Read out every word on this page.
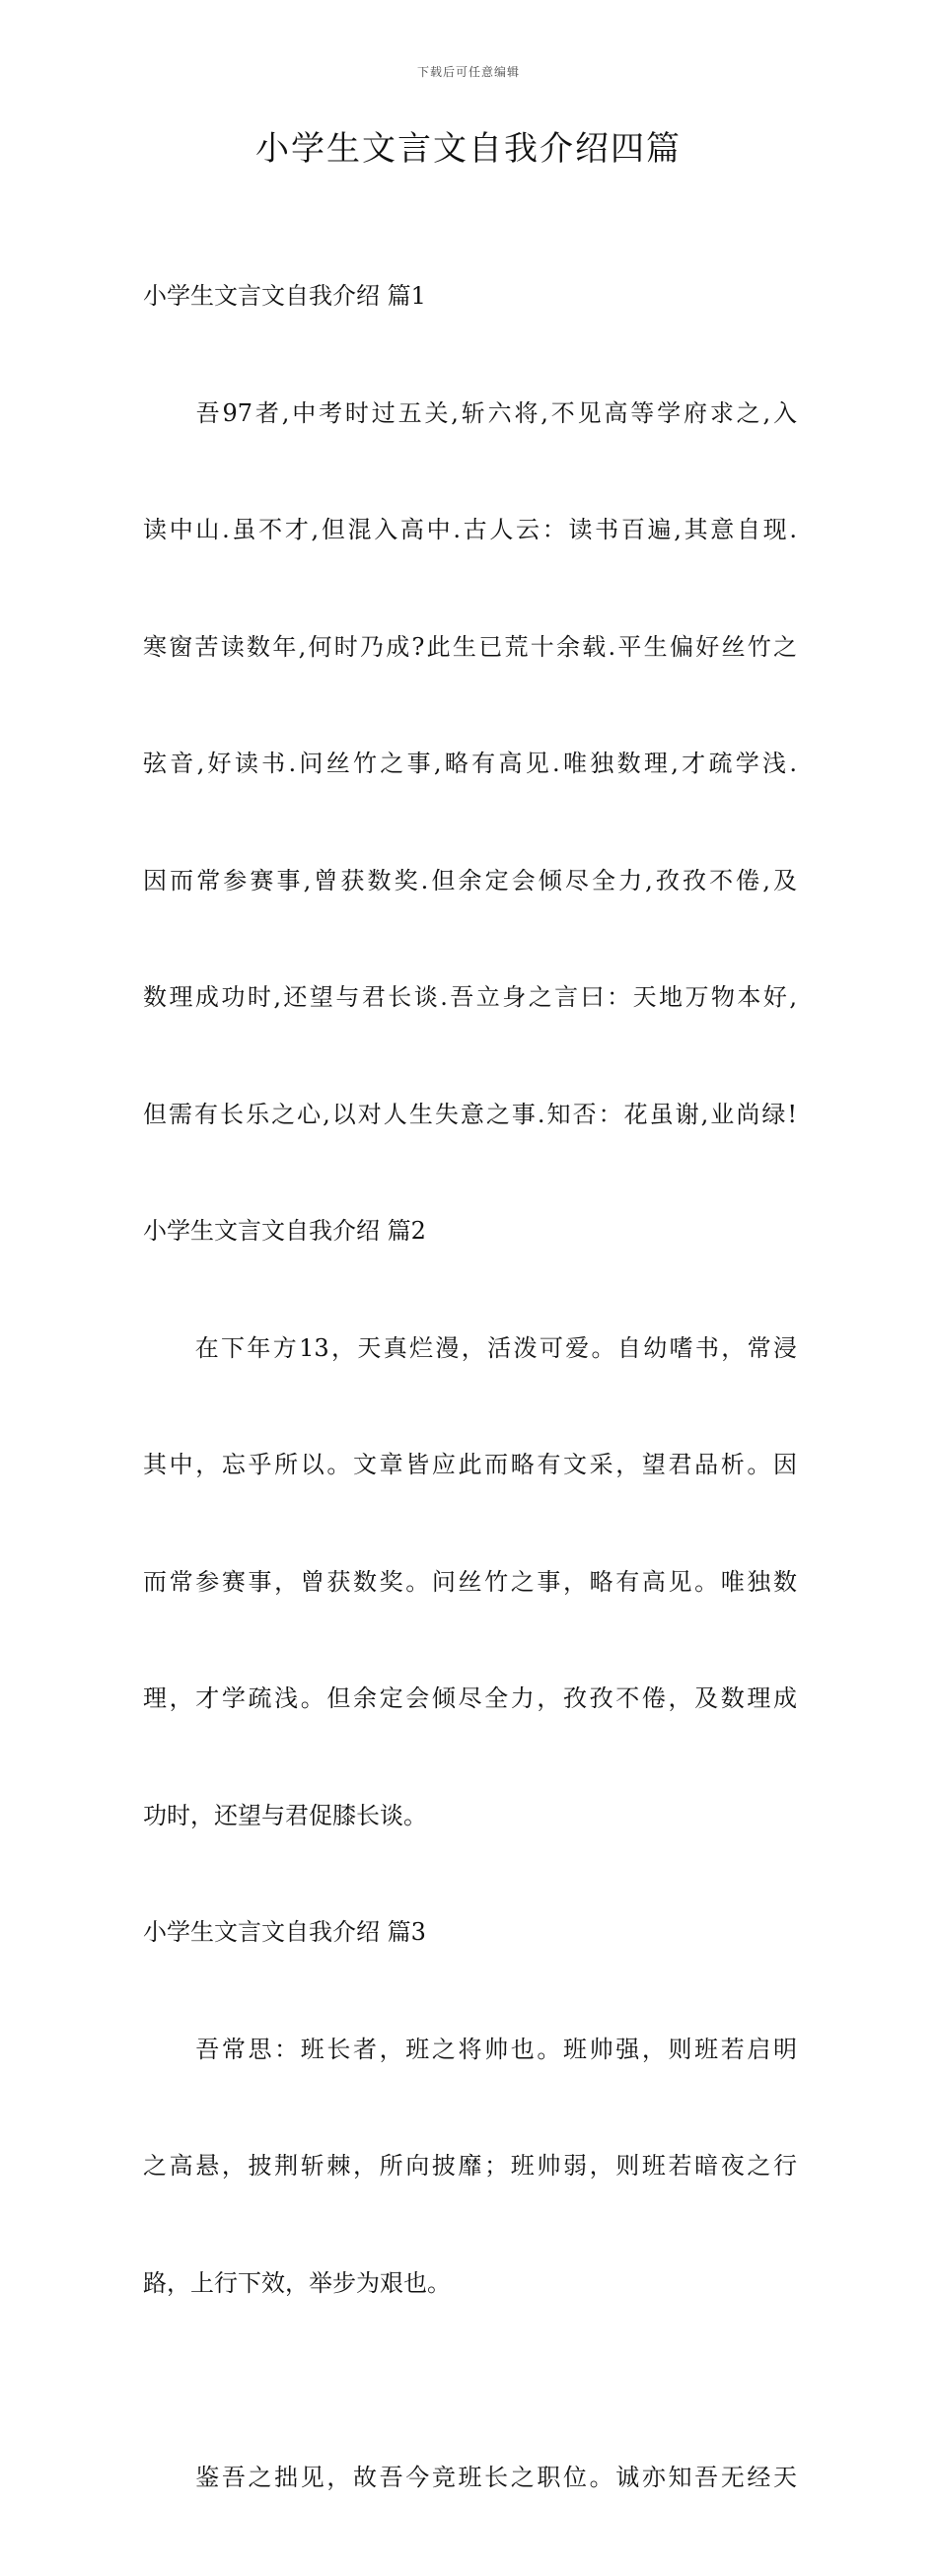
下载后可任意编辑
小学生文言文自我介绍四篇
小学生文言文自我介绍 篇1

　　吾97者,中考时过五关,斩六将,不见高等学府求之,入

读中山.虽不才,但混入高中.古人云：读书百遍,其意自现.

寒窗苦读数年,何时乃成?此生已荒十余载.平生偏好丝竹之

弦音,好读书.问丝竹之事,略有高见.唯独数理,才疏学浅.

因而常参赛事,曾获数奖.但余定会倾尽全力,孜孜不倦,及

数理成功时,还望与君长谈.吾立身之言曰：天地万物本好,

但需有长乐之心,以对人生失意之事.知否：花虽谢,业尚绿!

小学生文言文自我介绍 篇2

　　在下年方13，天真烂漫，活泼可爱。自幼嗜书，常浸

其中，忘乎所以。文章皆应此而略有文采，望君品析。因

而常参赛事，曾获数奖。问丝竹之事，略有高见。唯独数

理，才学疏浅。但余定会倾尽全力，孜孜不倦，及数理成

功时，还望与君促膝长谈。

小学生文言文自我介绍 篇3

　　吾常思：班长者，班之将帅也。班帅强，则班若启明

之高悬，披荆斩棘，所向披靡；班帅弱，则班若暗夜之行

路，上行下效，举步为艰也。

　　鉴吾之拙见，故吾今竞班长之职位。诚亦知吾无经天
